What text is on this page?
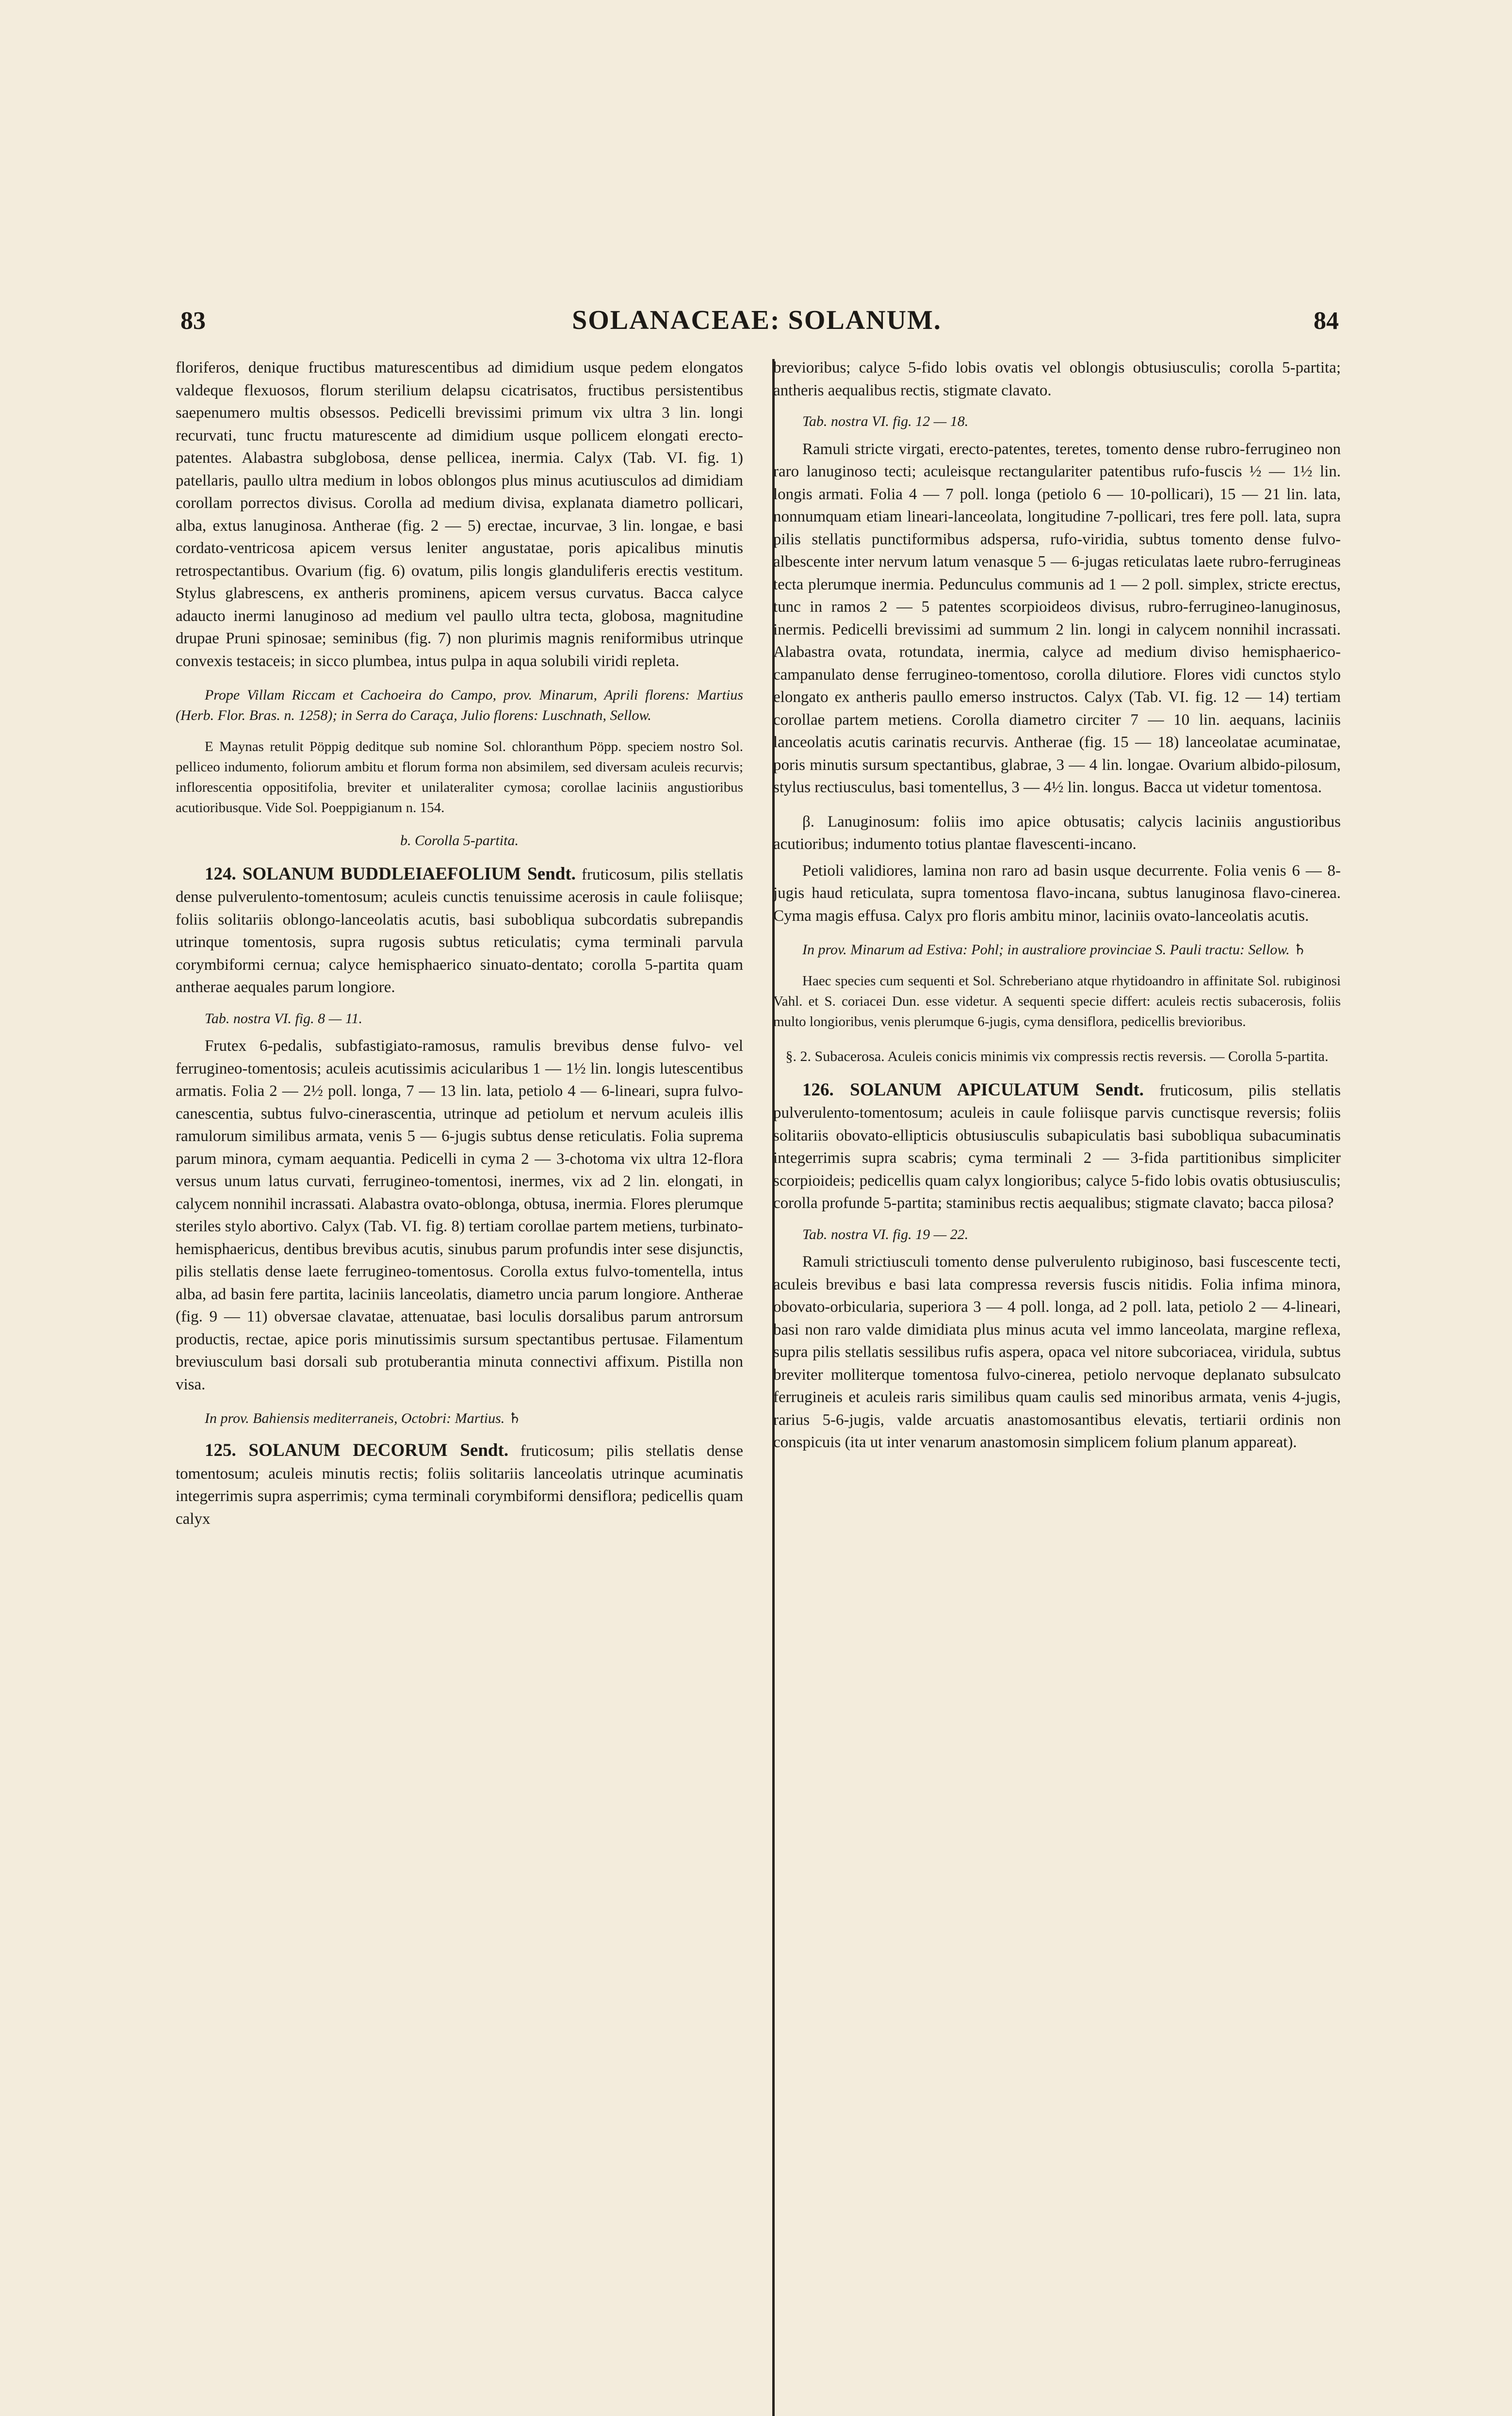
83	SOLANACEAE: SOLANUM.	84

floriferos, denique fructibus maturescentibus ad dimidium usque pedem elongatos valdeque flexuosos, florum sterilium delapsu cicatrisatos, fructibus persistentibus saepenumero multis obsessos. Pedicelli brevissimi primum vix ultra 3 lin. longi recurvati, tunc fructu maturescente ad dimidium usque pollicem elongati erecto-patentes. Alabastra subglobosa, dense pellicea, inermia. Calyx (Tab. VI. fig. 1) patellaris, paullo ultra medium in lobos oblongos plus minus acutiusculos ad dimidiam corollam porrectos divisus. Corolla ad medium divisa, explanata diametro pollicari, alba, extus lanuginosa. Antherae (fig. 2 — 5) erectae, incurvae, 3 lin. longae, e basi cordato-ventricosa apicem versus leniter angustatae, poris apicalibus minutis retrospectantibus. Ovarium (fig. 6) ovatum, pilis longis glanduliferis erectis vestitum. Stylus glabrescens, ex antheris prominens, apicem versus curvatus. Bacca calyce adaucto inermi lanuginoso ad medium vel paullo ultra tecta, globosa, magnitudine drupae Pruni spinosae; seminibus (fig. 7) non plurimis magnis reniformibus utrinque convexis testaceis; in sicco plumbea, intus pulpa in aqua solubili viridi repleta.

Prope Villam Riccam et Cachoeira do Campo, prov. Minarum, Aprili florens: Martius (Herb. Flor. Bras. n. 1258); in Serra do Caraça, Julio florens: Luschnath, Sellow.

E Maynas retulit Pöppig deditque sub nomine Sol. chloranthum Pöpp. speciem nostro Sol. pelliceo indumento, foliorum ambitu et florum forma non absimilem, sed diversam aculeis recurvis; inflorescentia oppositifolia, breviter et unilateraliter cymosa; corollae laciniis angustioribus acutioribusque. Vide Sol. Poeppigianum n. 154.

b. Corolla 5-partita.

124. SOLANUM BUDDLEIAEFOLIUM Sendt. fruticosum, pilis stellatis dense pulverulento-tomentosum; aculeis cunctis tenuissime acerosis in caule foliisque; foliis solitariis oblongo-lanceolatis acutis, basi subobliqua subcordatis subrepandis utrinque tomentosis, supra rugosis subtus reticulatis; cyma terminali parvula corymbiformi cernua; calyce hemisphaerico sinuato-dentato; corolla 5-partita quam antherae aequales parum longiore.

Tab. nostra VI. fig. 8 — 11.

Frutex 6-pedalis, subfastigiato-ramosus, ramulis brevibus dense fulvo- vel ferrugineo-tomentosis; aculeis acutissimis acicularibus 1 — 1½ lin. longis lutescentibus armatis. Folia 2 — 2½ poll. longa, 7 — 13 lin. lata, petiolo 4 — 6-lineari, supra fulvo-canescentia, subtus fulvo-cinerascentia, utrinque ad petiolum et nervum aculeis illis ramulorum similibus armata, venis 5 — 6-jugis subtus dense reticulatis. Folia suprema parum minora, cymam aequantia. Pedicelli in cyma 2 — 3-chotoma vix ultra 12-flora versus unum latus curvati, ferrugineo-tomentosi, inermes, vix ad 2 lin. elongati, in calycem nonnihil incrassati. Alabastra ovato-oblonga, obtusa, inermia. Flores plerumque steriles stylo abortivo. Calyx (Tab. VI. fig. 8) tertiam corollae partem metiens, turbinato-hemisphaericus, dentibus brevibus acutis, sinubus parum profundis inter sese disjunctis, pilis stellatis dense laete ferrugineo-tomentosus. Corolla extus fulvo-tomentella, intus alba, ad basin fere partita, laciniis lanceolatis, diametro uncia parum longiore. Antherae (fig. 9 — 11) obversae clavatae, attenuatae, basi loculis dorsalibus parum antrorsum productis, rectae, apice poris minutissimis sursum spectantibus pertusae. Filamentum breviusculum basi dorsali sub protuberantia minuta connectivi affixum. Pistilla non visa.

In prov. Bahiensis mediterraneis, Octobri: Martius. ♄

125. SOLANUM DECORUM Sendt. fruticosum; pilis stellatis dense tomentosum; aculeis minutis rectis; foliis solitariis lanceolatis utrinque acuminatis integerrimis supra asperrimis; cyma terminali corymbiformi densiflora; pedicellis quam calyx

brevioribus; calyce 5-fido lobis ovatis vel oblongis obtusiusculis; corolla 5-partita; antheris aequalibus rectis, stigmate clavato.

Tab. nostra VI. fig. 12 — 18.

Ramuli stricte virgati, erecto-patentes, teretes, tomento dense rubro-ferrugineo non raro lanuginoso tecti; aculeisque rectangulariter patentibus rufo-fuscis ½ — 1½ lin. longis armati. Folia 4 — 7 poll. longa (petiolo 6 — 10-pollicari), 15 — 21 lin. lata, nonnumquam etiam lineari-lanceolata, longitudine 7-pollicari, tres fere poll. lata, supra pilis stellatis punctiformibus adspersa, rufo-viridia, subtus tomento dense fulvo-albescente inter nervum latum venasque 5 — 6-jugas reticulatas laete rubro-ferrugineas tecta plerumque inermia. Pedunculus communis ad 1 — 2 poll. simplex, stricte erectus, tunc in ramos 2 — 5 patentes scorpioideos divisus, rubro-ferrugineo-lanuginosus, inermis. Pedicelli brevissimi ad summum 2 lin. longi in calycem nonnihil incrassati. Alabastra ovata, rotundata, inermia, calyce ad medium diviso hemisphaerico-campanulato dense ferrugineo-tomentoso, corolla dilutiore. Flores vidi cunctos stylo elongato ex antheris paullo emerso instructos. Calyx (Tab. VI. fig. 12 — 14) tertiam corollae partem metiens. Corolla diametro circiter 7 — 10 lin. aequans, laciniis lanceolatis acutis carinatis recurvis. Antherae (fig. 15 — 18) lanceolatae acuminatae, poris minutis sursum spectantibus, glabrae, 3 — 4 lin. longae. Ovarium albido-pilosum, stylus rectiusculus, basi tomentellus, 3 — 4½ lin. longus. Bacca ut videtur tomentosa.

β. Lanuginosum: foliis imo apice obtusatis; calycis laciniis angustioribus acutioribus; indumento totius plantae flavescenti-incano.

Petioli validiores, lamina non raro ad basin usque decurrente. Folia venis 6 — 8-jugis haud reticulata, supra tomentosa flavo-incana, subtus lanuginosa flavo-cinerea. Cyma magis effusa. Calyx pro floris ambitu minor, laciniis ovato-lanceolatis acutis.

In prov. Minarum ad Estiva: Pohl; in australiore provinciae S. Pauli tractu: Sellow. ♄

Haec species cum sequenti et Sol. Schreberiano atque rhytidoandro in affinitate Sol. rubiginosi Vahl. et S. coriacei Dun. esse videtur. A sequenti specie differt: aculeis rectis subacerosis, foliis multo longioribus, venis plerumque 6-jugis, cyma densiflora, pedicellis brevioribus.

§. 2. Subacerosa. Aculeis conicis minimis vix compressis rectis reversis. — Corolla 5-partita.

126. SOLANUM APICULATUM Sendt. fruticosum, pilis stellatis pulverulento-tomentosum; aculeis in caule foliisque parvis cunctisque reversis; foliis solitariis obovato-ellipticis obtusiusculis subapiculatis basi subobliqua subacuminatis integerrimis supra scabris; cyma terminali 2 — 3-fida partitionibus simpliciter scorpioideis; pedicellis quam calyx longioribus; calyce 5-fido lobis ovatis obtusiusculis; corolla profunde 5-partita; staminibus rectis aequalibus; stigmate clavato; bacca pilosa?

Tab. nostra VI. fig. 19 — 22.

Ramuli strictiusculi tomento dense pulverulento rubiginoso, basi fuscescente tecti, aculeis brevibus e basi lata compressa reversis fuscis nitidis. Folia infima minora, obovato-orbicularia, superiora 3 — 4 poll. longa, ad 2 poll. lata, petiolo 2 — 4-lineari, basi non raro valde dimidiata plus minus acuta vel immo lanceolata, margine reflexa, supra pilis stellatis sessilibus rufis aspera, opaca vel nitore subcoriacea, viridula, subtus breviter molliterque tomentosa fulvo-cinerea, petiolo nervoque deplanato subsulcato ferrugineis et aculeis raris similibus quam caulis sed minoribus armata, venis 4-jugis, rarius 5-6-jugis, valde arcuatis anastomosantibus elevatis, tertiarii ordinis non conspicuis (ita ut inter venarum anastomosin simplicem folium planum appareat).
